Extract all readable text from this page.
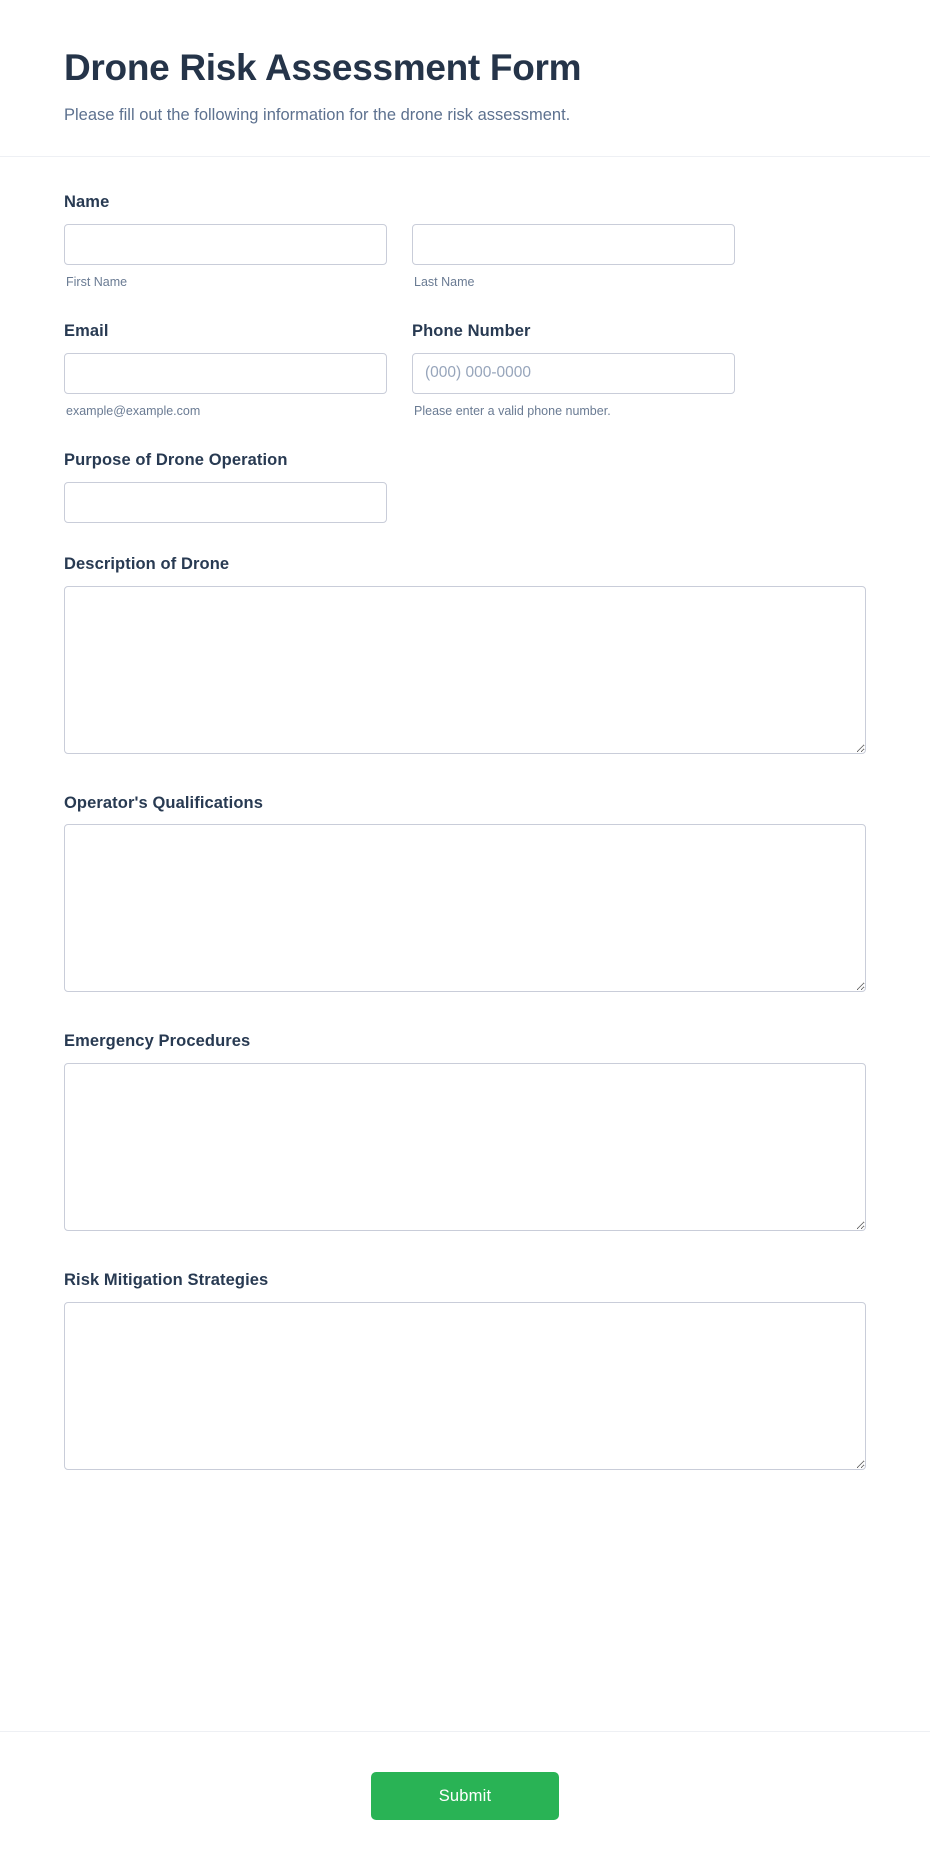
Drone Risk Assessment Form

Please fill out the following information for the drone risk assessment.

Name
First Name	Last Name
Email
example@example.com
Phone Number
(000) 000-0000
Please enter a valid phone number.
Purpose of Drone Operation
Description of Drone
Operator's Qualifications
Emergency Procedures
Risk Mitigation Strategies
Submit
